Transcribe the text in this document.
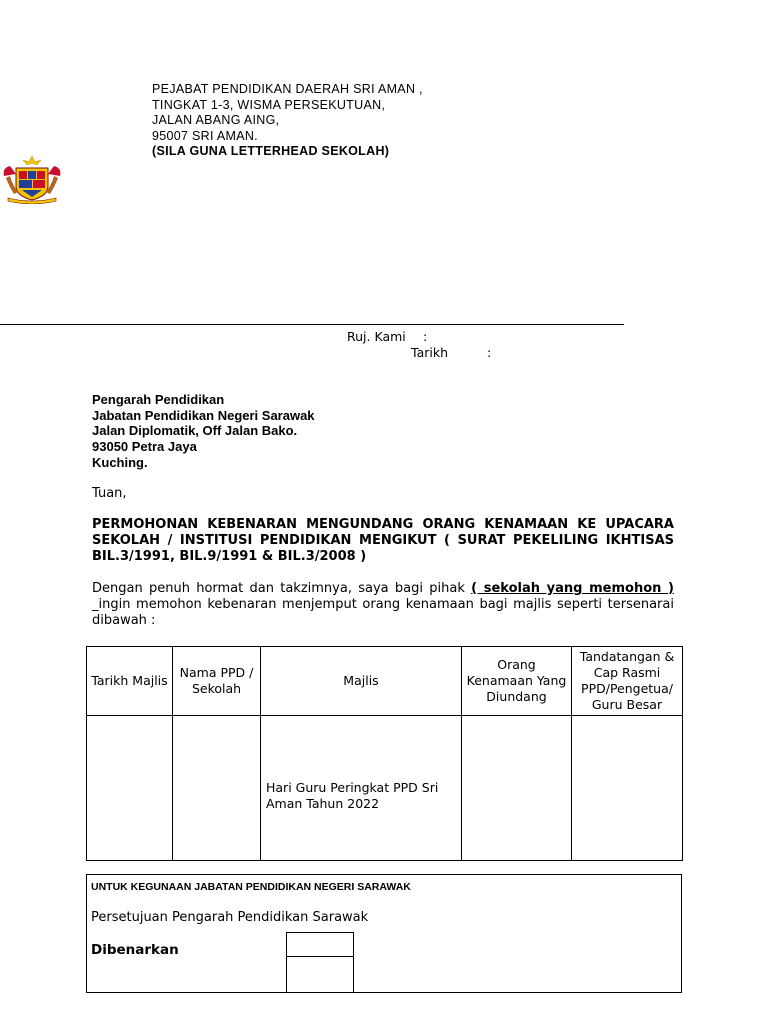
PEJABAT PENDIDIKAN DAERAH SRI AMAN ,
TINGKAT 1-3, WISMA PERSEKUTUAN,
JALAN ABANG AING,
95007 SRI AMAN.
(SILA GUNA LETTERHEAD SEKOLAH)
Ruj. Kami :
Tarikh	:
Pengarah Pendidikan
Jabatan Pendidikan Negeri Sarawak
Jalan Diplomatik, Off Jalan Bako.
93050 Petra Jaya
Kuching.
Tuan,
PERMOHONAN KEBENARAN MENGUNDANG ORANG KENAMAAN KE UPACARA SEKOLAH / INSTITUSI PENDIDIKAN MENGIKUT ( SURAT PEKELILING IKHTISAS BIL.3/1991, BIL.9/1991 & BIL.3/2008 )
Dengan penuh hormat dan takzimnya, saya bagi pihak ( sekolah yang memohon ) _ingin memohon kebenaran menjemput orang kenamaan bagi majlis seperti tersenarai dibawah :
Tarikh Majlis	Nama PPD / Sekolah	Majlis	Orang Kenamaan Yang Diundang	Tandatangan & Cap Rasmi PPD/Pengetua/ Guru Besar

		Hari Guru Peringkat PPD Sri Aman Tahun 2022		

UNTUK KEGUNAAN JABATAN PENDIDIKAN NEGERI SARAWAK
Persetujuan Pengarah Pendidikan Sarawak
Dibenarkan
